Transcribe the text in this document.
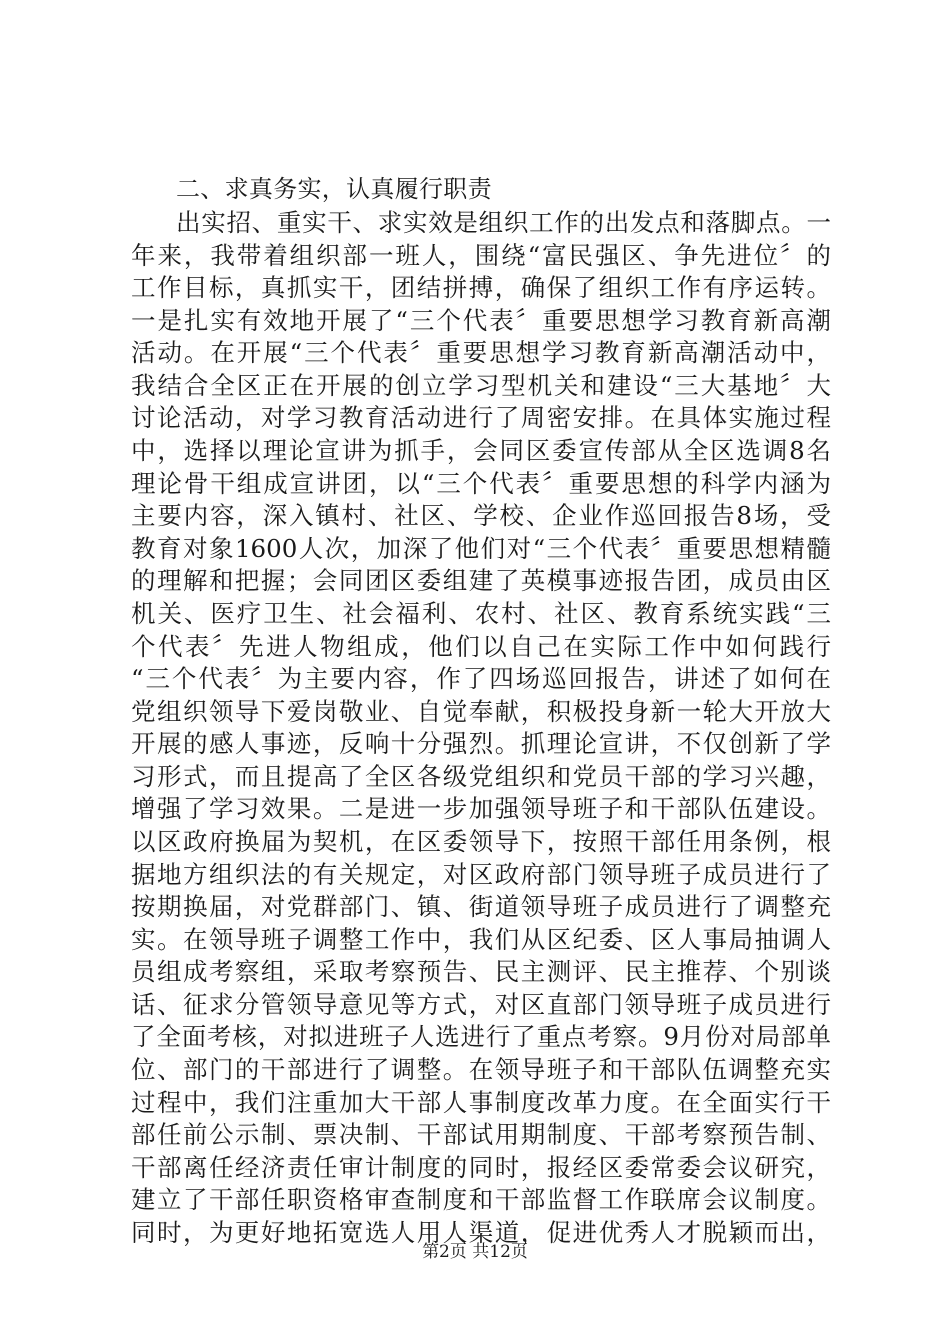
二、求真务实，认真履行职责
出实招、重实干、求实效是组织工作的出发点和落脚点。一
年来，我带着组织部一班人，围绕“富民强区、争先进位〞的
工作目标，真抓实干，团结拼搏，确保了组织工作有序运转。
一是扎实有效地开展了“三个代表〞重要思想学习教育新高潮
活动。在开展“三个代表〞重要思想学习教育新高潮活动中，
我结合全区正在开展的创立学习型机关和建设“三大基地〞大
讨论活动，对学习教育活动进行了周密安排。在具体实施过程
中，选择以理论宣讲为抓手，会同区委宣传部从全区选调8名
理论骨干组成宣讲团，以“三个代表〞重要思想的科学内涵为
主要内容，深入镇村、社区、学校、企业作巡回报告8场，受
教育对象1600人次，加深了他们对“三个代表〞重要思想精髓
的理解和把握；会同团区委组建了英模事迹报告团，成员由区
机关、医疗卫生、社会福利、农村、社区、教育系统实践“三
个代表〞先进人物组成，他们以自己在实际工作中如何践行
“三个代表〞为主要内容，作了四场巡回报告，讲述了如何在
党组织领导下爱岗敬业、自觉奉献，积极投身新一轮大开放大
开展的感人事迹，反响十分强烈。抓理论宣讲，不仅创新了学
习形式，而且提高了全区各级党组织和党员干部的学习兴趣，
增强了学习效果。二是进一步加强领导班子和干部队伍建设。
以区政府换届为契机，在区委领导下，按照干部任用条例，根
据地方组织法的有关规定，对区政府部门领导班子成员进行了
按期换届，对党群部门、镇、街道领导班子成员进行了调整充
实。在领导班子调整工作中，我们从区纪委、区人事局抽调人
员组成考察组，采取考察预告、民主测评、民主推荐、个别谈
话、征求分管领导意见等方式，对区直部门领导班子成员进行
了全面考核，对拟进班子人选进行了重点考察。9月份对局部单
位、部门的干部进行了调整。在领导班子和干部队伍调整充实
过程中，我们注重加大干部人事制度改革力度。在全面实行干
部任前公示制、票决制、干部试用期制度、干部考察预告制、
干部离任经济责任审计制度的同时，报经区委常委会议研究，
建立了干部任职资格审查制度和干部监督工作联席会议制度。
同时，为更好地拓宽选人用人渠道，促进优秀人才脱颖而出，
第2页 共12页
